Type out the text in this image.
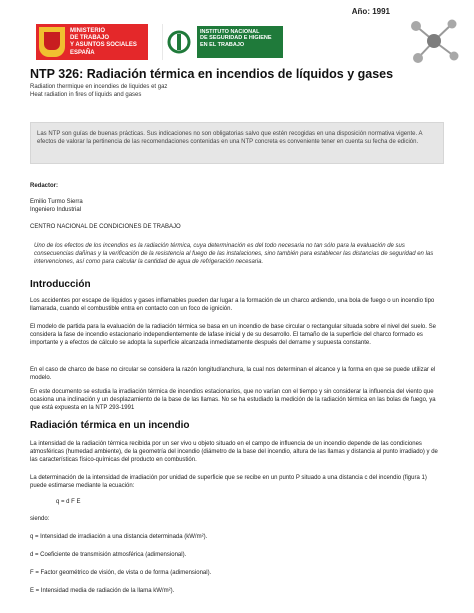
Año: 1991
MINISTERIO
DE TRABAJO
Y ASUNTOS SOCIALES
ESPAÑA
INSTITUTO NACIONAL
DE SEGURIDAD E HIGIENE
EN EL TRABAJO
NTP 326: Radiación térmica en incendios de líquidos y gases
Radiation thermique en incendies de liquides et gaz
Heat radiation in fires of liquids and gases

Las NTP son guías de buenas prácticas. Sus indicaciones no son obligatorias salvo que estén recogidas en una disposición normativa vigente. A efectos de valorar la pertinencia de las recomendaciones contenidas en una NTP concreta es conveniente tener en cuenta su fecha de edición.

Redactor:
Emilio Turmo Sierra
Ingeniero Industrial
CENTRO NACIONAL DE CONDICIONES DE TRABAJO

Uno de los efectos de los incendios es la radiación térmica, cuya determinación es del todo necesaria no tan sólo para la evaluación de sus consecuencias dañinas y la verificación de la resistencia al fuego de las instalaciones, sino también para establecer las distancias de seguridad en las intervenciones, así como para calcular la cantidad de agua de refrigeración necesaria.

Introducción

Los accidentes por escape de líquidos y gases inflamables pueden dar lugar a la formación de un charco ardiendo, una bola de fuego o un incendio tipo llamarada, cuando el combustible entra en contacto con un foco de ignición.

El modelo de partida para la evaluación de la radiación térmica se basa en un incendio de base circular o rectangular situada sobre el nivel del suelo. Se considera la fase de incendio estacionario independientemente de lafase inicial y de su desarrollo. El tamaño de la superficie del charco formado es importante y a efectos de cálculo se adopta la superficie alcanzada inmediatamente después del derrame y supuesta constante.

En el caso de charco de base no circular se considera la razón longitud/anchura, la cual nos determinan el alcance y la forma en que se puede utilizar el modelo.

En este documento se estudia la irradiación térmica de incendios estacionarios, que no varían con el tiempo y sin considerar la influencia del viento que ocasiona una inclinación y un desplazamiento de la base de las llamas. No se ha estudiado la medición de la radiación térmica en las bolas de fuego, ya que está expuesta en la NTP 293-1991

Radiación térmica en un incendio

La intensidad de la radiación térmica recibida por un ser vivo u objeto situado en el campo de influencia de un incendio depende de las condiciones atmosféricas (humedad ambiente), de la geometría del incendio (diámetro de la base del incendio, altura de las llamas y distancia al punto irradiado) y de las características físico-químicas del producto en combustión.

La determinación de la intensidad de irradiación por unidad de superficie que se recibe en un punto P situado a una distancia c del incendio (figura 1) puede estimarse mediante la ecuación:

q = d F E
siendo:
q = Intensidad de irradiación a una distancia determinada (kW/m²).
d = Coeficiente de transmisión atmosférica (adimensional).
F = Factor geométrico de visión, de vista o de forma (adimensional).
E = Intensidad media de radiación de la llama kW/m²).
